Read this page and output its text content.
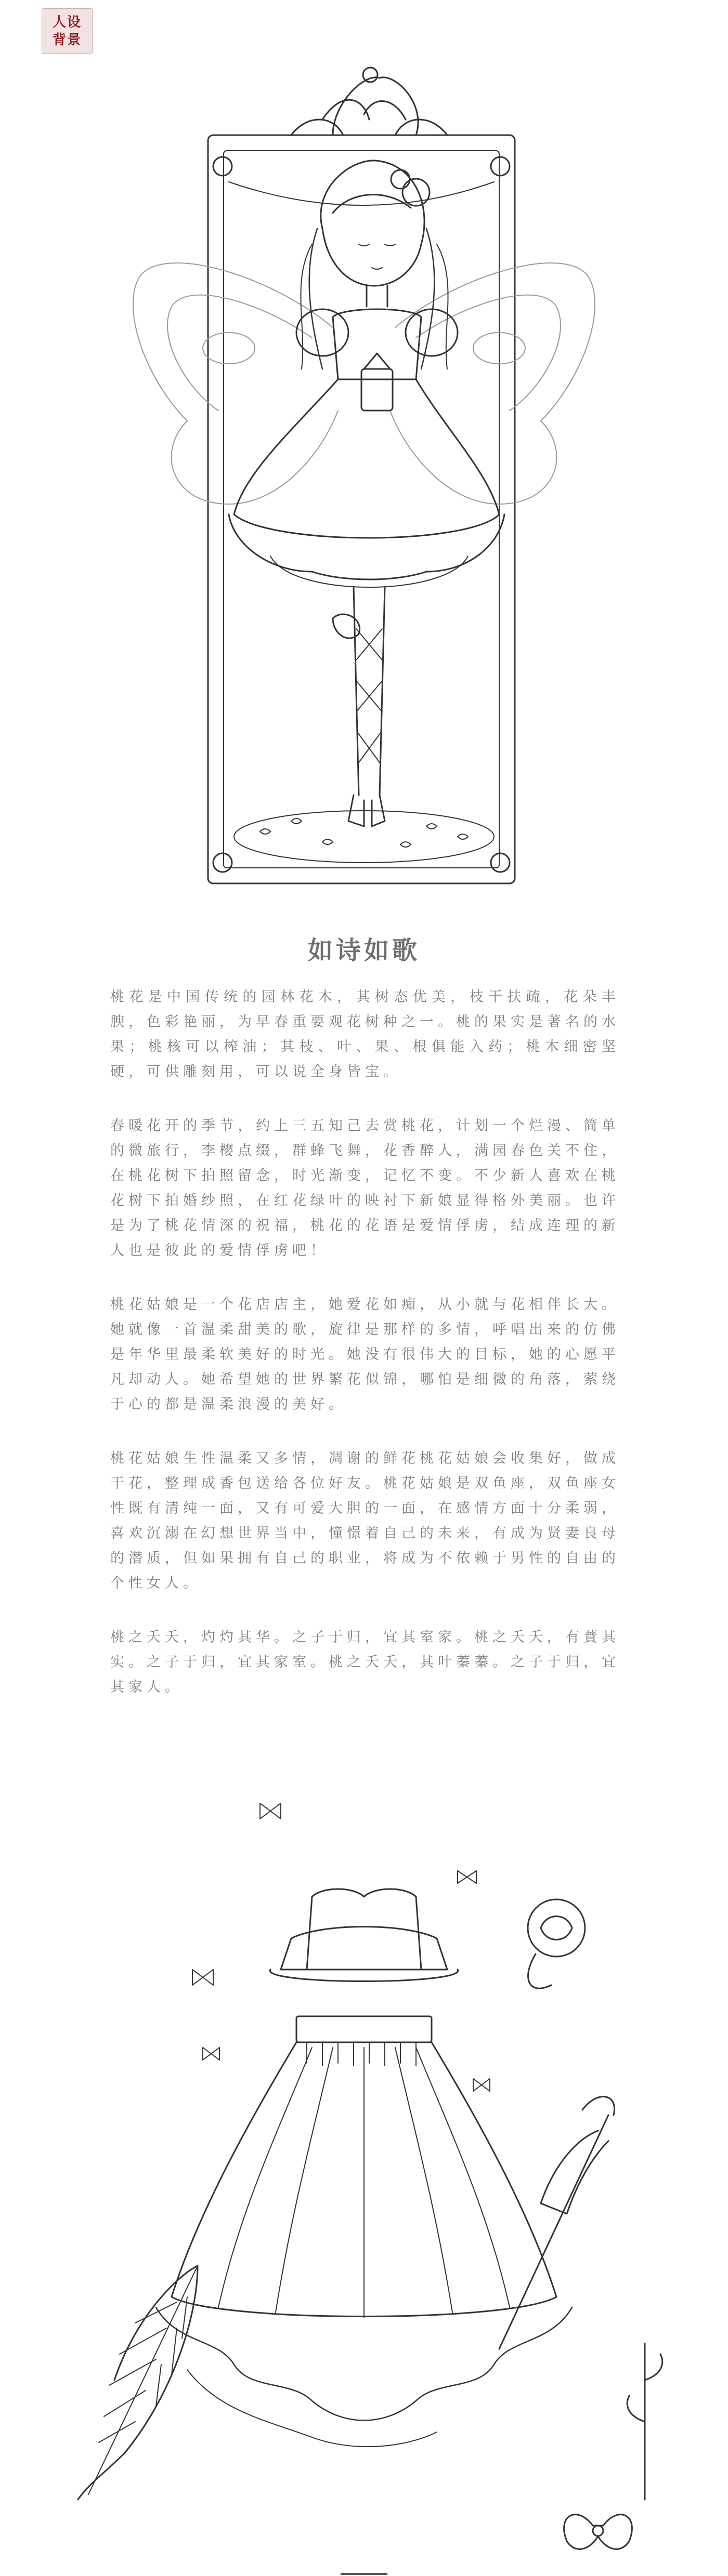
人设
背景
如诗如歌

桃花是中国传统的园林花木，其树态优美，枝干扶疏，花朵丰腴，色彩艳丽，为早春重要观花树种之一。桃的果实是著名的水果；桃核可以榨油；其枝、叶、果、根俱能入药；桃木细密坚硬，可供雕刻用，可以说全身皆宝。

春暖花开的季节，约上三五知己去赏桃花，计划一个烂漫、简单的微旅行，李樱点缀，群蜂飞舞，花香醉人，满园春色关不住，在桃花树下拍照留念，时光渐变，记忆不变。不少新人喜欢在桃花树下拍婚纱照，在红花绿叶的映衬下新娘显得格外美丽。也许是为了桃花情深的祝福，桃花的花语是爱情俘虏，结成连理的新人也是彼此的爱情俘虏吧！

桃花姑娘是一个花店店主，她爱花如痴，从小就与花相伴长大。她就像一首温柔甜美的歌，旋律是那样的多情，呼唱出来的仿佛是年华里最柔软美好的时光。她没有很伟大的目标，她的心愿平凡却动人。她希望她的世界繁花似锦，哪怕是细微的角落，萦绕于心的都是温柔浪漫的美好。

桃花姑娘生性温柔又多情，凋谢的鲜花桃花姑娘会收集好，做成干花，整理成香包送给各位好友。桃花姑娘是双鱼座，双鱼座女性既有清纯一面，又有可爱大胆的一面，在感情方面十分柔弱，喜欢沉溺在幻想世界当中，憧憬着自己的未来，有成为贤妻良母的潜质，但如果拥有自己的职业，将成为不依赖于男性的自由的个性女人。

桃之夭夭，灼灼其华。之子于归，宜其室家。桃之夭夭，有蕡其实。之子于归，宜其家室。桃之夭夭，其叶蓁蓁。之子于归，宜其家人。
